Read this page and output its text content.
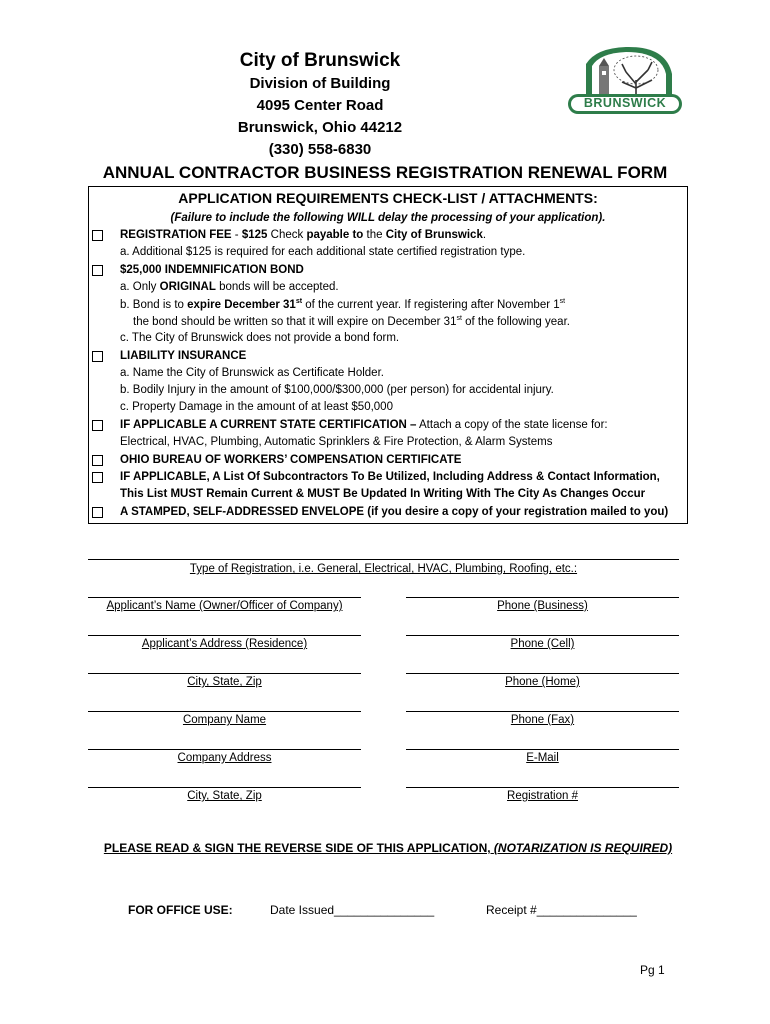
City of Brunswick
Division of Building
4095 Center Road
Brunswick, Ohio 44212
(330) 558-6830
BRUNSWICK
ANNUAL CONTRACTOR BUSINESS REGISTRATION RENEWAL FORM
APPLICATION REQUIREMENTS CHECK-LIST / ATTACHMENTS:
(Failure to include the following WILL delay the processing of your application).
REGISTRATION FEE - $125 Check payable to the City of Brunswick.
a. Additional $125 is required for each additional state certified registration type.
$25,000 INDEMNIFICATION BOND
a. Only ORIGINAL bonds will be accepted.
b. Bond is to expire December 31st of the current year. If registering after November 1st
the bond should be written so that it will expire on December 31st of the following year.
c. The City of Brunswick does not provide a bond form.
LIABILITY INSURANCE
a. Name the City of Brunswick as Certificate Holder.
b. Bodily Injury in the amount of $100,000/$300,000 (per person) for accidental injury.
c. Property Damage in the amount of at least $50,000
IF APPLICABLE A CURRENT STATE CERTIFICATION – Attach a copy of the state license for:
Electrical, HVAC, Plumbing, Automatic Sprinklers & Fire Protection, & Alarm Systems
OHIO BUREAU OF WORKERS’ COMPENSATION CERTIFICATE
IF APPLICABLE, A List Of Subcontractors To Be Utilized, Including Address & Contact Information,
This List MUST Remain Current & MUST Be Updated In Writing With The City As Changes Occur
A STAMPED, SELF-ADDRESSED ENVELOPE (if you desire a copy of your registration mailed to you)
Type of Registration, i.e. General, Electrical, HVAC, Plumbing, Roofing, etc.:
Applicant’s Name (Owner/Officer of Company)	Phone (Business)
Applicant’s Address (Residence)	Phone (Cell)
City, State, Zip	Phone (Home)
Company Name	Phone (Fax)
Company Address	E-Mail
City, State, Zip	Registration #
PLEASE READ & SIGN THE REVERSE SIDE OF THIS APPLICATION, (NOTARIZATION IS REQUIRED)
FOR OFFICE USE:	Date Issued_______________	Receipt #_______________
Pg 1
